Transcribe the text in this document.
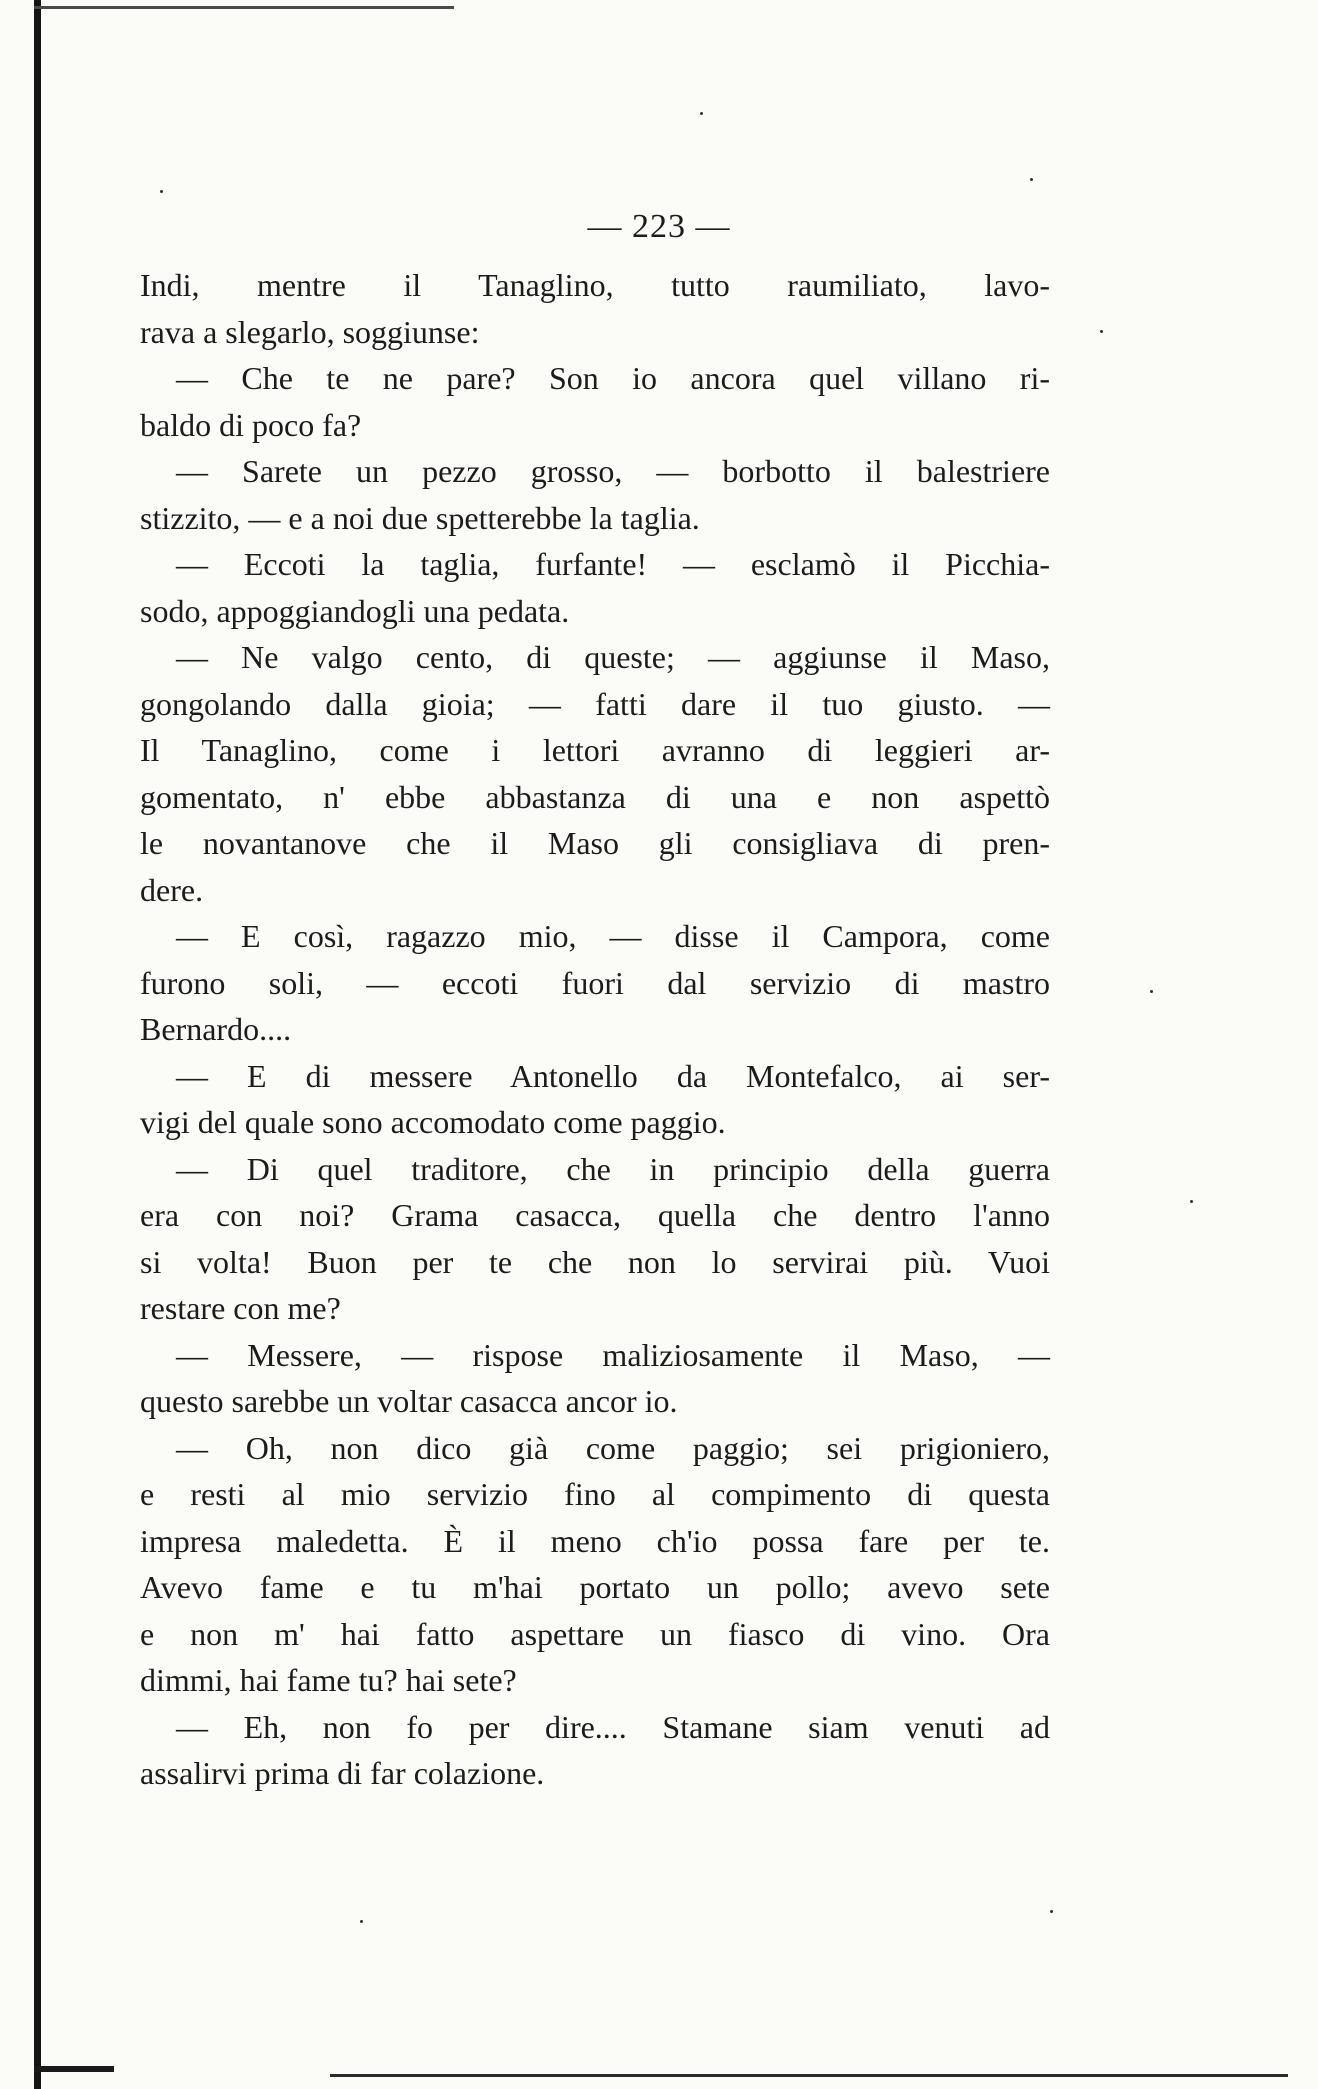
— 223 —
Indi, mentre il Tanaglino, tutto raumiliato, lavo-
rava a slegarlo, soggiunse:
— Che te ne pare? Son io ancora quel villano ri-
baldo di poco fa?
— Sarete un pezzo grosso, — borbotto il balestriere
stizzito, — e a noi due spetterebbe la taglia.
— Eccoti la taglia, furfante! — esclamò il Picchia-
sodo, appoggiandogli una pedata.
— Ne valgo cento, di queste; — aggiunse il Maso,
gongolando dalla gioia; — fatti dare il tuo giusto. —
Il Tanaglino, come i lettori avranno di leggieri ar-
gomentato, n' ebbe abbastanza di una e non aspettò
le novantanove che il Maso gli consigliava di pren-
dere.
— E così, ragazzo mio, — disse il Campora, come
furono soli, — eccoti fuori dal servizio di mastro
Bernardo....
— E di messere Antonello da Montefalco, ai ser-
vigi del quale sono accomodato come paggio.
— Di quel traditore, che in principio della guerra
era con noi? Grama casacca, quella che dentro l'anno
si volta! Buon per te che non lo servirai più. Vuoi
restare con me?
— Messere, — rispose maliziosamente il Maso, —
questo sarebbe un voltar casacca ancor io.
— Oh, non dico già come paggio; sei prigioniero,
e resti al mio servizio fino al compimento di questa
impresa maledetta. È il meno ch'io possa fare per te.
Avevo fame e tu m'hai portato un pollo; avevo sete
e non m' hai fatto aspettare un fiasco di vino. Ora
dimmi, hai fame tu? hai sete?
— Eh, non fo per dire.... Stamane siam venuti ad
assalirvi prima di far colazione.
